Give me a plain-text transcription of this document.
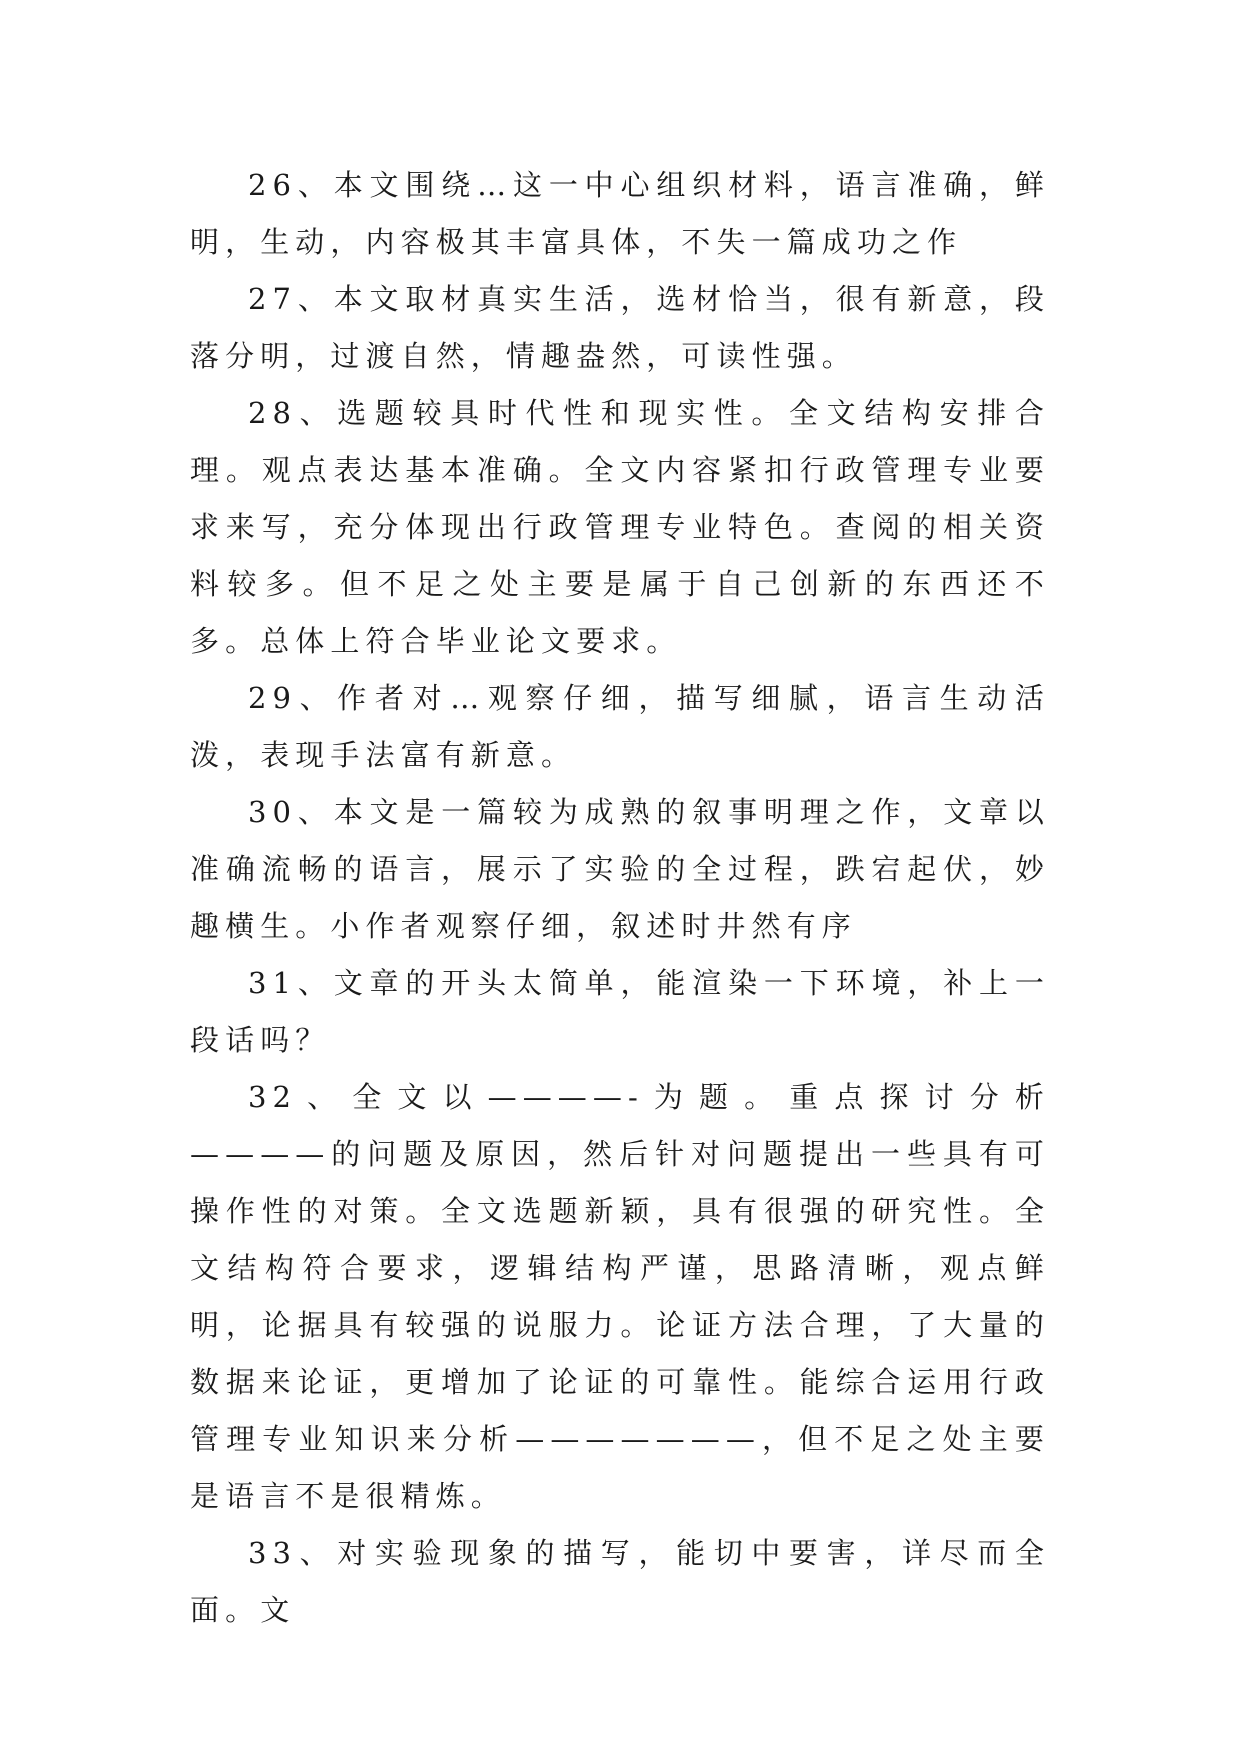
26、本文围绕…这一中心组织材料，语言准确，鲜明，生动，内容极其丰富具体，不失一篇成功之作

27、本文取材真实生活，选材恰当，很有新意，段落分明，过渡自然，情趣盎然，可读性强。

28、选题较具时代性和现实性。全文结构安排合理。观点表达基本准确。全文内容紧扣行政管理专业要求来写，充分体现出行政管理专业特色。查阅的相关资料较多。但不足之处主要是属于自己创新的东西还不多。总体上符合毕业论文要求。

29、作者对…观察仔细，描写细腻，语言生动活泼，表现手法富有新意。

30、本文是一篇较为成熟的叙事明理之作，文章以准确流畅的语言，展示了实验的全过程，跌宕起伏，妙趣横生。小作者观察仔细，叙述时井然有序

31、文章的开头太简单，能渲染一下环境，补上一段话吗？

32、全文以————-为题。重点探讨分析————的问题及原因，然后针对问题提出一些具有可操作性的对策。全文选题新颖，具有很强的研究性。全文结构符合要求，逻辑结构严谨，思路清晰，观点鲜明，论据具有较强的说服力。论证方法合理，了大量的数据来论证，更增加了论证的可靠性。能综合运用行政管理专业知识来分析———————，但不足之处主要是语言不是很精炼。

33、对实验现象的描写，能切中要害，详尽而全面。文
